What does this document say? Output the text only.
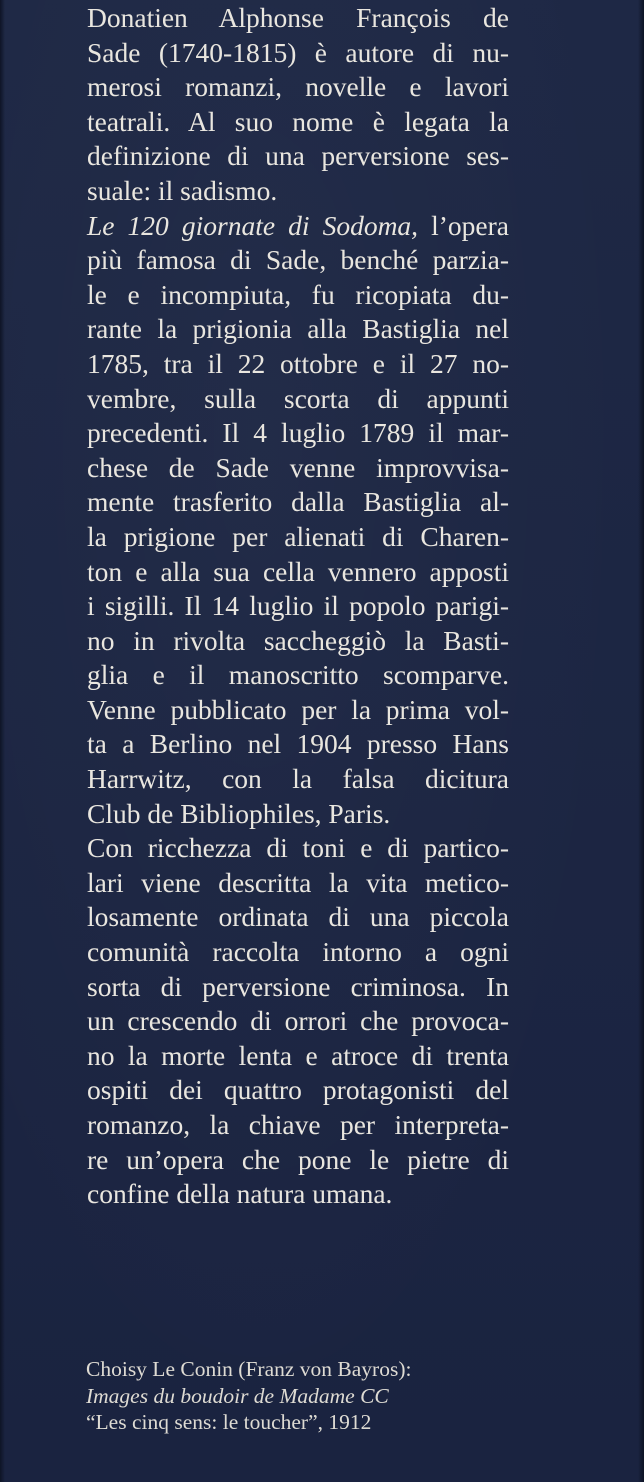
Donatien Alphonse François de
Sade (1740-1815) è autore di nu-
merosi romanzi, novelle e lavori
teatrali. Al suo nome è legata la
definizione di una perversione ses-
suale: il sadismo.
Le 120 giornate di Sodoma, l’opera
più famosa di Sade, benché parzia-
le e incompiuta, fu ricopiata du-
rante la prigionia alla Bastiglia nel
1785, tra il 22 ottobre e il 27 no-
vembre, sulla scorta di appunti
precedenti. Il 4 luglio 1789 il mar-
chese de Sade venne improvvisa-
mente trasferito dalla Bastiglia al-
la prigione per alienati di Charen-
ton e alla sua cella vennero apposti
i sigilli. Il 14 luglio il popolo parigi-
no in rivolta saccheggiò la Basti-
glia e il manoscritto scomparve.
Venne pubblicato per la prima vol-
ta a Berlino nel 1904 presso Hans
Harrwitz, con la falsa dicitura
Club de Bibliophiles, Paris.
Con ricchezza di toni e di partico-
lari viene descritta la vita metico-
losamente ordinata di una piccola
comunità raccolta intorno a ogni
sorta di perversione criminosa. In
un crescendo di orrori che provoca-
no la morte lenta e atroce di trenta
ospiti dei quattro protagonisti del
romanzo, la chiave per interpreta-
re un’opera che pone le pietre di
confine della natura umana.
Choisy Le Conin (Franz von Bayros):
Images du boudoir de Madame CC
“Les cinq sens: le toucher”, 1912
